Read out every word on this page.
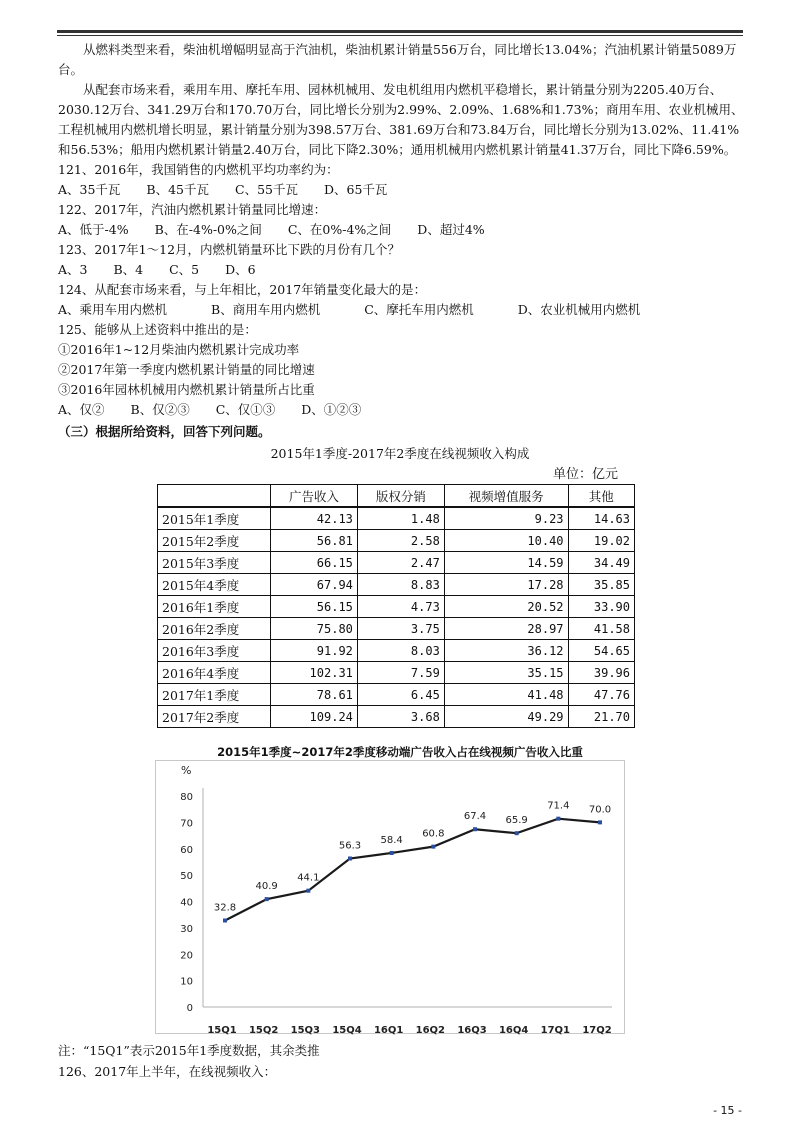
从燃料类型来看，柴油机增幅明显高于汽油机，柴油机累计销量556万台，同比增长13.04%；汽油机累计销量5089万台。

从配套市场来看，乘用车用、摩托车用、园林机械用、发电机组用内燃机平稳增长，累计销量分别为2205.40万台、2030.12万台、341.29万台和170.70万台，同比增长分别为2.99%、2.09%、1.68%和1.73%；商用车用、农业机械用、工程机械用内燃机增长明显，累计销量分别为398.57万台、381.69万台和73.84万台，同比增长分别为13.02%、11.41%和56.53%；船用内燃机累计销量2.40万台，同比下降2.30%；通用机械用内燃机累计销量41.37万台，同比下降6.59%。

121、2016年，我国销售的内燃机平均功率约为：

A、35千瓦 B、45千瓦 C、55千瓦 D、65千瓦

122、2017年，汽油内燃机累计销量同比增速：

A、低于-4% B、在-4%-0%之间 C、在0%-4%之间 D、超过4%

123、2017年1～12月，内燃机销量环比下跌的月份有几个？

A、3 B、4 C、5 D、6

124、从配套市场来看，与上年相比，2017年销量变化最大的是：

A、乘用车用内燃机	B、商用车用内燃机	C、摩托车用内燃机	D、农业机械用内燃机

125、能够从上述资料中推出的是：

①2016年1~12月柴油内燃机累计完成功率

②2017年第一季度内燃机累计销量的同比增速

③2016年园林机械用内燃机累计销量所占比重

A、仅② B、仅②③ C、仅①③ D、①②③

（三）根据所给资料，回答下列问题。

2015年1季度-2017年2季度在线视频收入构成
单位：亿元
	广告收入	版权分销	视频增值服务	其他
2015年1季度	42.13	1.48	9.23	14.63
2015年2季度	56.81	2.58	10.40	19.02
2015年3季度	66.15	2.47	14.59	34.49
2015年4季度	67.94	8.83	17.28	35.85
2016年1季度	56.15	4.73	20.52	33.90
2016年2季度	75.80	3.75	28.97	41.58
2016年3季度	91.92	8.03	36.12	54.65
2016年4季度	102.31	7.59	35.15	39.96
2017年1季度	78.61	6.45	41.48	47.76
2017年2季度	109.24	3.68	49.29	21.70
2015年1季度~2017年2季度移动端广告收入占在线视频广告收入比重
%
0
10
20
30
40
50
60
70
80
15Q1 15Q2 15Q3 15Q4 16Q1 16Q2 16Q3 16Q4 17Q1 17Q2
32.8
40.9
44.1
56.3
58.4
60.8
67.4 65.9
71.4 70.0
注：“15Q1”表示2015年1季度数据，其余类推
126、2017年上半年，在线视频收入：
- 15 -
